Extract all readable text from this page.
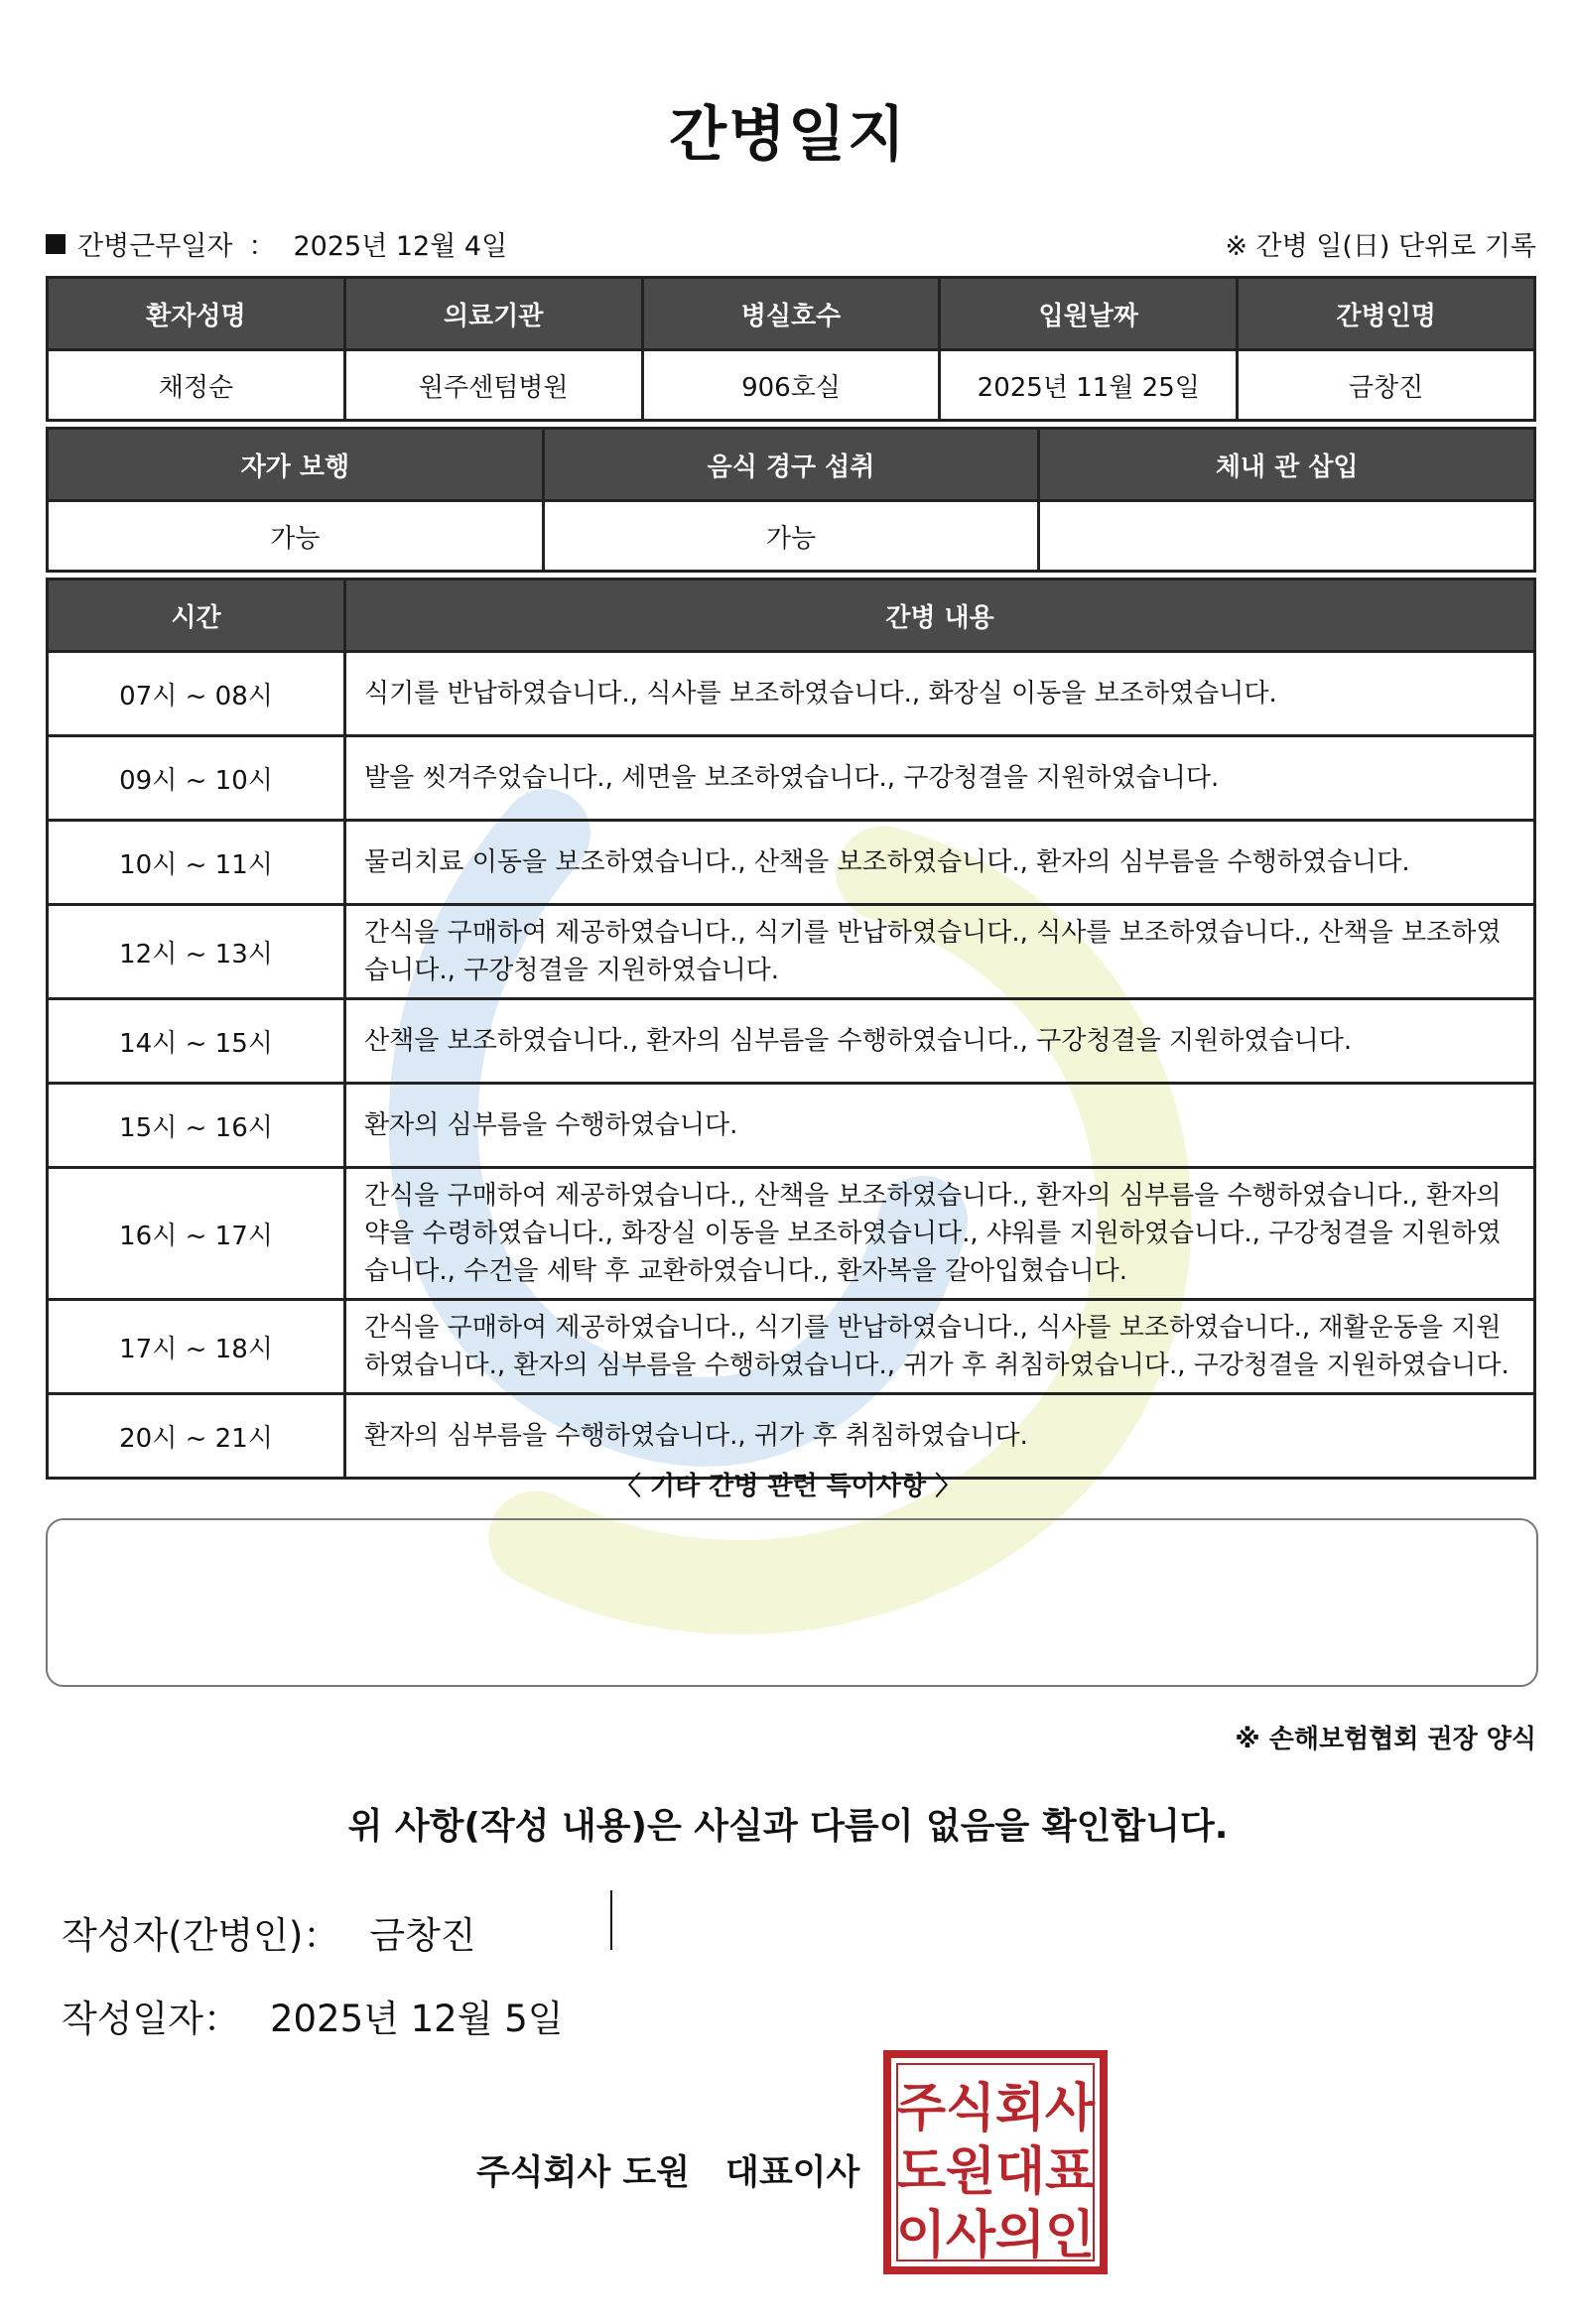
간병일지
간병근무일자 ： 2025년 12월 4일	※ 간병 일(日) 단위로 기록
환자성명	의료기관	병실호수	입원날짜	간병인명
채정순	원주센텀병원	906호실	2025년 11월 25일	금창진
자가 보행	음식 경구 섭취	체내 관 삽입
가능	가능	
시간	간병 내용
07시 ~ 08시	식기를 반납하였습니다., 식사를 보조하였습니다., 화장실 이동을 보조하였습니다.
09시 ~ 10시	발을 씻겨주었습니다., 세면을 보조하였습니다., 구강청결을 지원하였습니다.
10시 ~ 11시	물리치료 이동을 보조하였습니다., 산책을 보조하였습니다., 환자의 심부름을 수행하였습니다.
12시 ~ 13시	간식을 구매하여 제공하였습니다., 식기를 반납하였습니다., 식사를 보조하였습니다., 산책을 보조하였습니다., 구강청결을 지원하였습니다.
14시 ~ 15시	산책을 보조하였습니다., 환자의 심부름을 수행하였습니다., 구강청결을 지원하였습니다.
15시 ~ 16시	환자의 심부름을 수행하였습니다.
16시 ~ 17시	간식을 구매하여 제공하였습니다., 산책을 보조하였습니다., 환자의 심부름을 수행하였습니다., 환자의 약을 수령하였습니다., 화장실 이동을 보조하였습니다., 샤워를 지원하였습니다., 구강청결을 지원하였습니다., 수건을 세탁 후 교환하였습니다., 환자복을 갈아입혔습니다.
17시 ~ 18시	간식을 구매하여 제공하였습니다., 식기를 반납하였습니다., 식사를 보조하였습니다., 재활운동을 지원하였습니다., 환자의 심부름을 수행하였습니다., 귀가 후 취침하였습니다., 구강청결을 지원하였습니다.
20시 ~ 21시	환자의 심부름을 수행하였습니다., 귀가 후 취침하였습니다.
〈 기타 간병 관련 특이사항 〉
※ 손해보험협회 권장 양식
위 사항(작성 내용)은 사실과 다름이 없음을 확인합니다.
작성자(간병인)： 금창진
작성일자： 2025년 12월 5일
주식회사 도원 대표이사
주 식 회 사
도 원 대 표
이 사 의 인
